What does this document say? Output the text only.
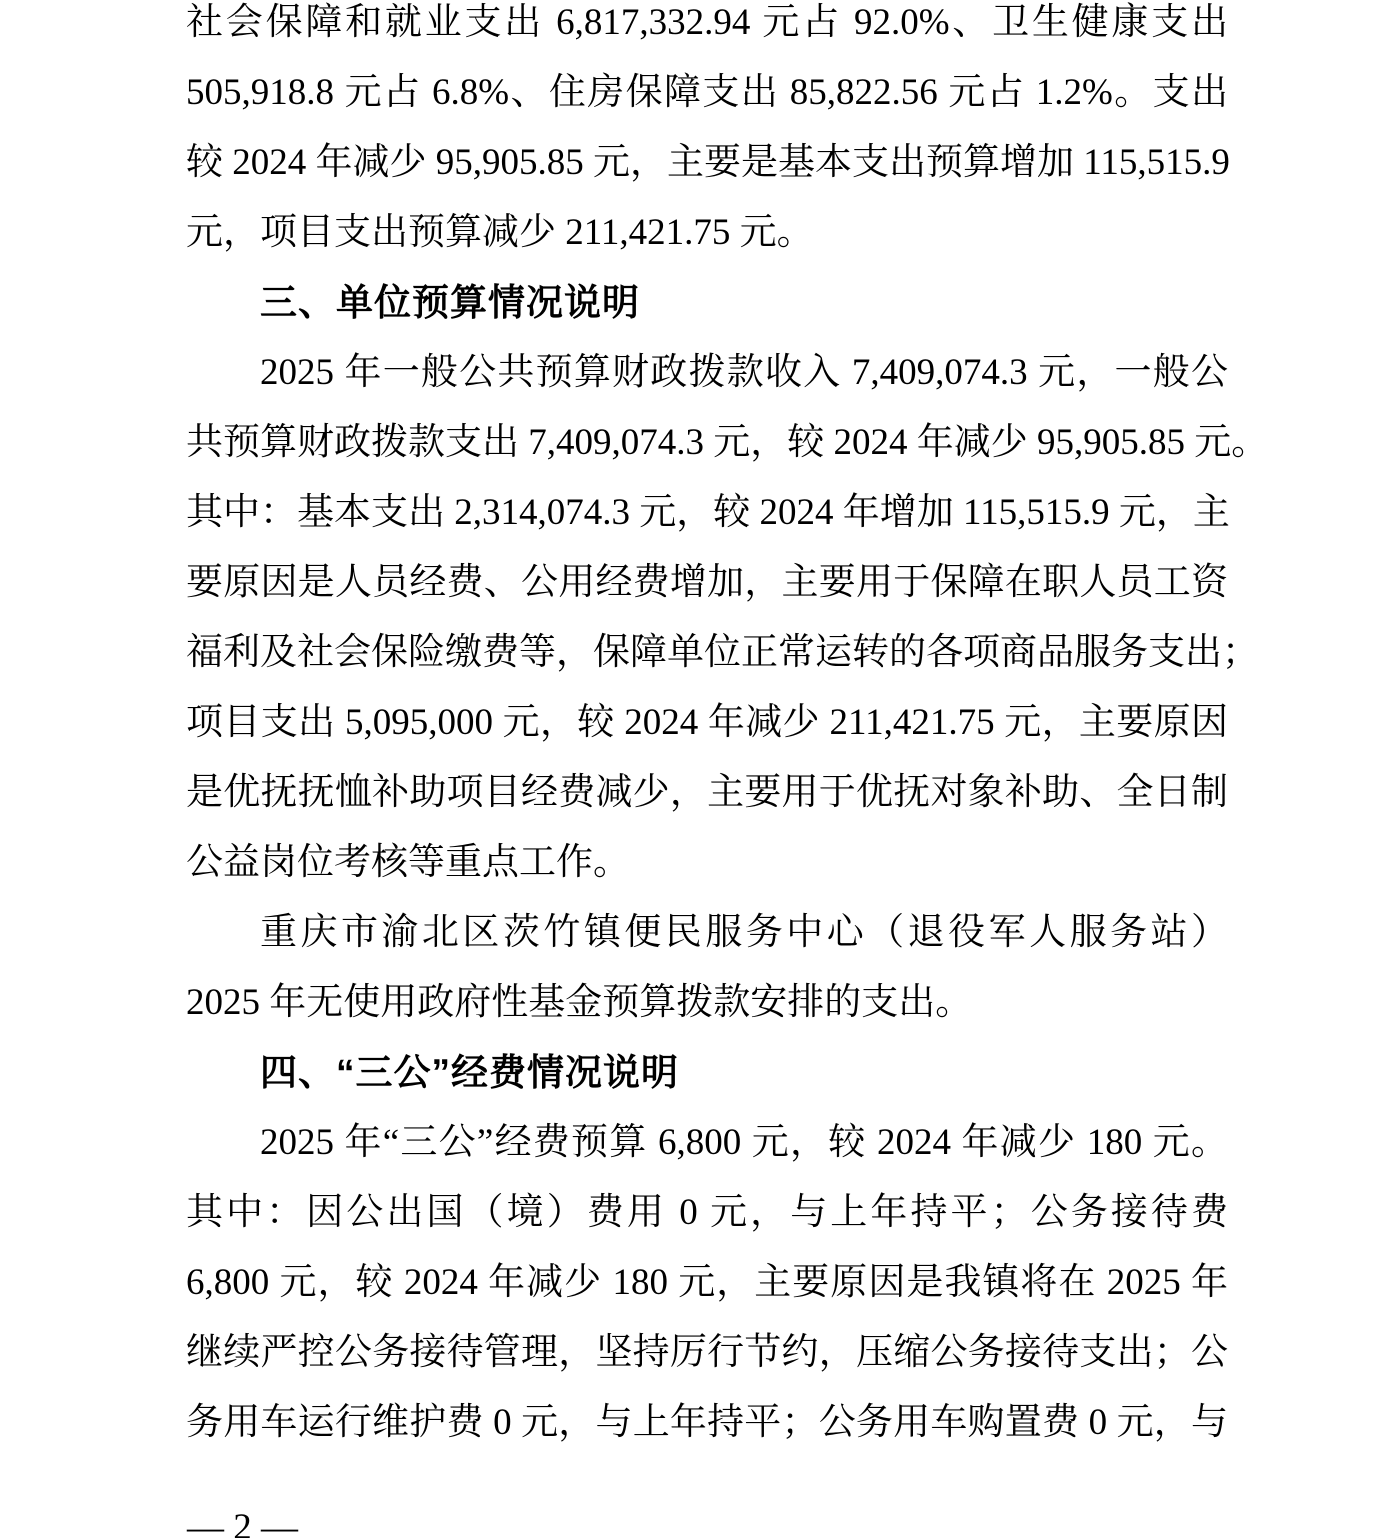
社会保障和就业支出 6,817,332.94 元占 92.0%、卫生健康支出
505,918.8 元占 6.8%、住房保障支出 85,822.56 元占 1.2%。支出
较 2024 年减少 95,905.85 元，主要是基本支出预算增加 115,515.9
元，项目支出预算减少 211,421.75 元。
三、单位预算情况说明
2025 年一般公共预算财政拨款收入 7,409,074.3 元，一般公
共预算财政拨款支出 7,409,074.3 元，较 2024 年减少 95,905.85 元。
其中：基本支出 2,314,074.3 元，较 2024 年增加 115,515.9 元，主
要原因是人员经费、公用经费增加，主要用于保障在职人员工资
福利及社会保险缴费等，保障单位正常运转的各项商品服务支出；
项目支出 5,095,000 元，较 2024 年减少 211,421.75 元，主要原因
是优抚抚恤补助项目经费减少，主要用于优抚对象补助、全日制
公益岗位考核等重点工作。
重庆市渝北区茨竹镇便民服务中心（退役军人服务站）
2025 年无使用政府性基金预算拨款安排的支出。
四、“三公”经费情况说明
2025 年“三公”经费预算 6,800 元，较 2024 年减少 180 元。
其中：因公出国（境）费用 0 元，与上年持平；公务接待费
6,800 元，较 2024 年减少 180 元，主要原因是我镇将在 2025 年
继续严控公务接待管理，坚持厉行节约，压缩公务接待支出；公
务用车运行维护费 0 元，与上年持平；公务用车购置费 0 元，与
— 2 —
